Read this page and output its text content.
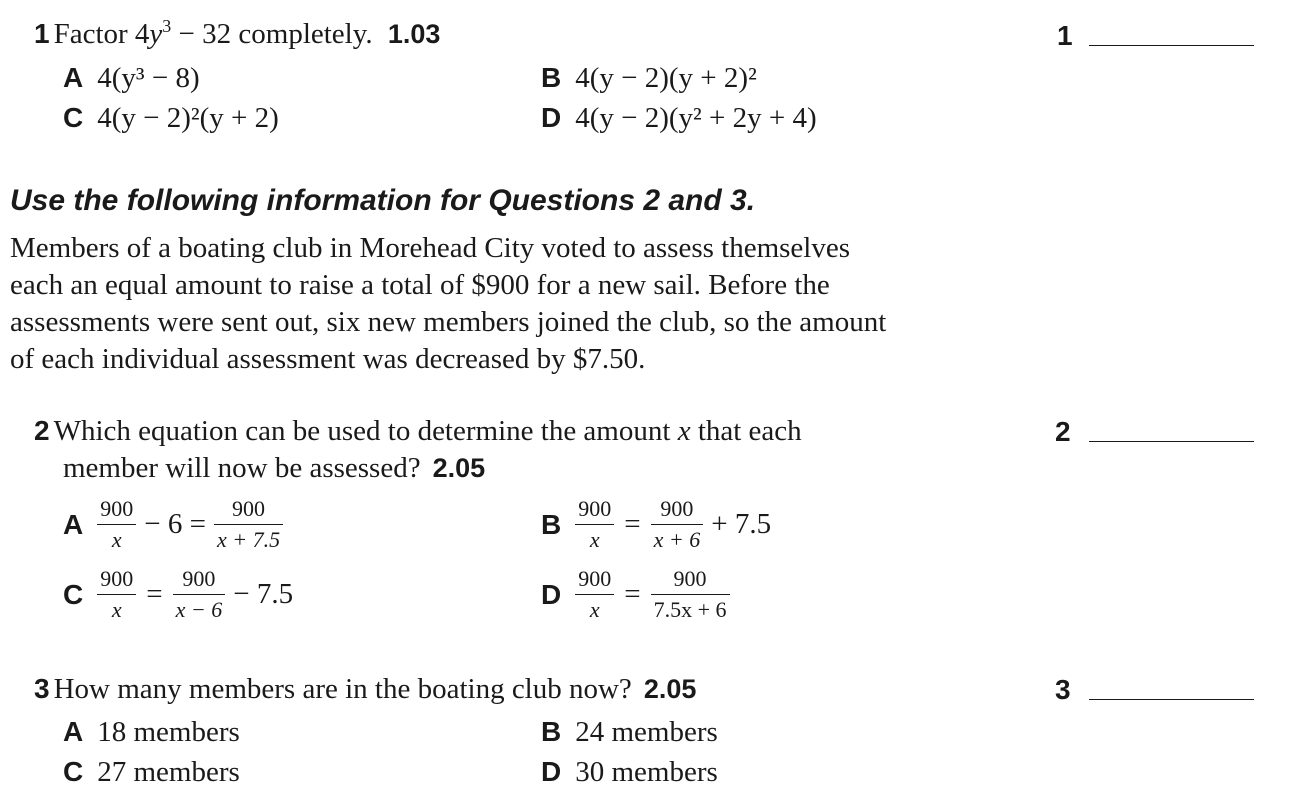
1 Factor $4y^3 - 32$ completely. 1.03	1
A 4(y³ − 8)	B 4(y − 2)(y + 2)²
C 4(y − 2)²(y + 2)	D 4(y − 2)(y² + 2y + 4)
Use the following information for Questions 2 and 3.
Members of a boating club in Morehead City voted to assess themselves
each an equal amount to raise a total of $900 for a new sail. Before the
assessments were sent out, six new members joined the club, so the amount
of each individual assessment was decreased by $7.50.
2 Which equation can be used to determine the amount x that each
member will now be assessed? 2.05
2
A $\frac{900}{x} - 6 = \frac{900}{x + 7.5}$	B $\frac{900}{x} = \frac{900}{x + 6} + 7.5$
C $\frac{900}{x} = \frac{900}{x - 6} - 7.5$	D $\frac{900}{x} = \frac{900}{7.5x + 6}$
3 How many members are in the boating club now? 2.05	3
A 18 members	B 24 members
C 27 members	D 30 members
